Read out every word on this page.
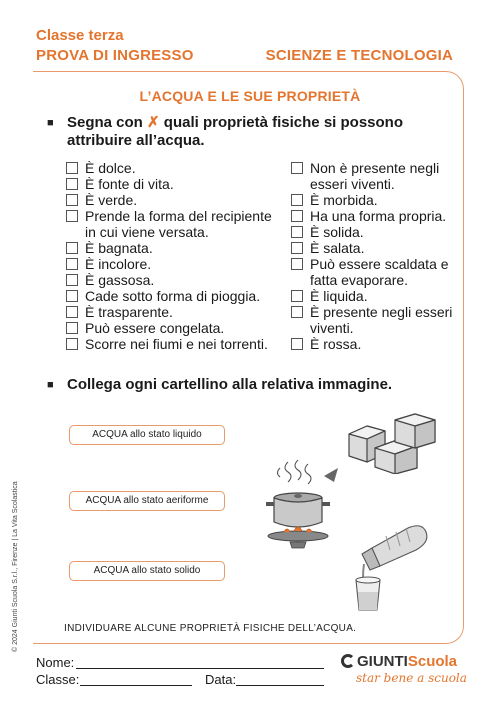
Classe terza
PROVA DI INGRESSO	SCIENZE E TECNOLOGIA
L’ACQUA E LE SUE PROPRIETÀ
■ Segna con ✗ quali proprietà fisiche si possono attribuire all’acqua.
È dolce.
È fonte di vita.
È verde.
Prende la forma del recipiente in cui viene versata.
È bagnata.
È incolore.
È gassosa.
Cade sotto forma di pioggia.
È trasparente.
Può essere congelata.
Scorre nei fiumi e nei torrenti.
Non è presente negli esseri viventi.
È morbida.
Ha una forma propria.
È solida.
È salata.
Può essere scaldata e fatta evaporare.
È liquida.
È presente negli esseri viventi.
È rossa.
■ Collega ogni cartellino alla relativa immagine.
ACQUA allo stato liquido
ACQUA allo stato aeriforme
ACQUA allo stato solido
INDIVIDUARE ALCUNE PROPRIETÀ FISICHE DELL’ACQUA.
Nome:
Classe:	Data:
© 2024 Giunti Scuola S.r.l., Firenze | La Vita Scolastica
GIUNTIScuola
star bene a scuola
